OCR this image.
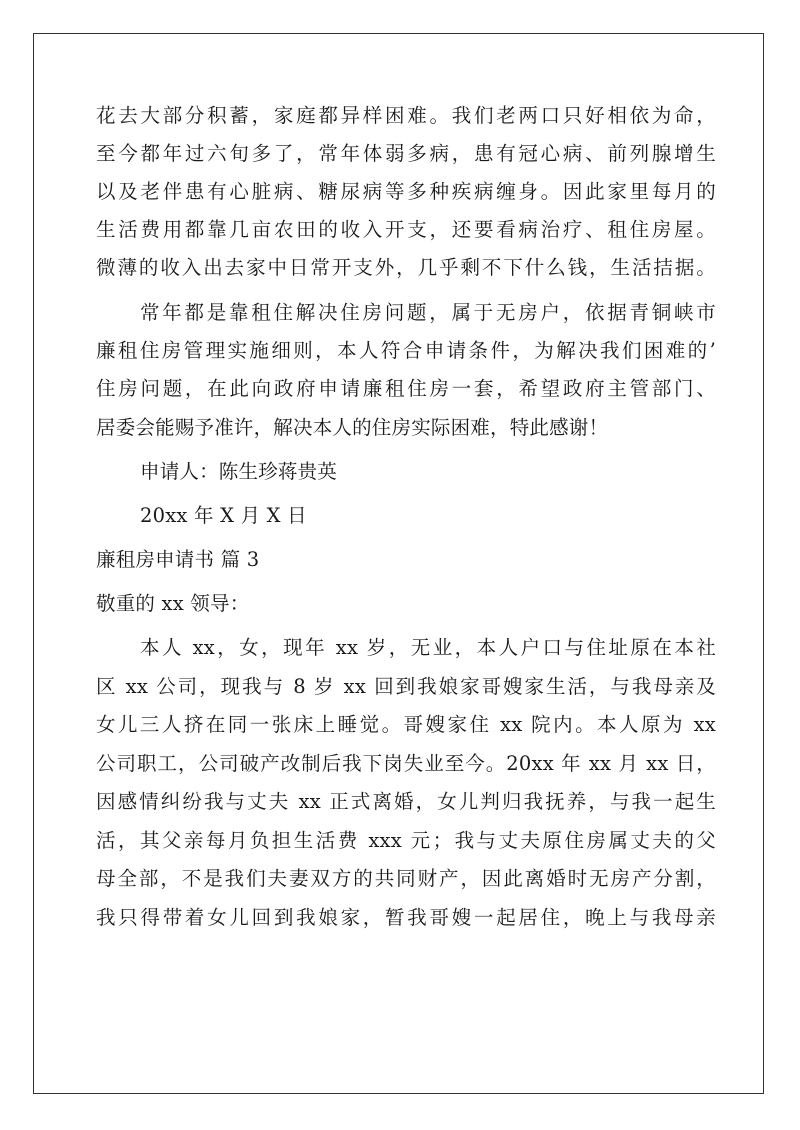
花去大部分积蓄，家庭都异样困难。我们老两口只好相依为命，
至今都年过六旬多了，常年体弱多病，患有冠心病、前列腺增生
以及老伴患有心脏病、糖尿病等多种疾病缠身。因此家里每月的
生活费用都靠几亩农田的收入开支，还要看病治疗、租住房屋。
微薄的收入出去家中日常开支外，几乎剩不下什么钱，生活拮据。
常年都是靠租住解决住房问题，属于无房户，依据青铜峡市
廉租住房管理实施细则，本人符合申请条件，为解决我们困难的’
住房问题，在此向政府申请廉租住房一套，希望政府主管部门、
居委会能赐予准许，解决本人的住房实际困难，特此感谢！
申请人：陈生珍蒋贵英
20xx 年 X 月 X 日
廉租房申请书 篇 3
敬重的 xx 领导：
本人 xx，女，现年 xx 岁，无业，本人户口与住址原在本社
区 xx 公司，现我与 8 岁 xx 回到我娘家哥嫂家生活，与我母亲及
女儿三人挤在同一张床上睡觉。哥嫂家住 xx 院内。本人原为 xx
公司职工，公司破产改制后我下岗失业至今。20xx 年 xx 月 xx 日，
因感情纠纷我与丈夫 xx 正式离婚，女儿判归我抚养，与我一起生
活，其父亲每月负担生活费 xxx 元；我与丈夫原住房属丈夫的父
母全部，不是我们夫妻双方的共同财产，因此离婚时无房产分割，
我只得带着女儿回到我娘家，暂我哥嫂一起居住，晚上与我母亲
